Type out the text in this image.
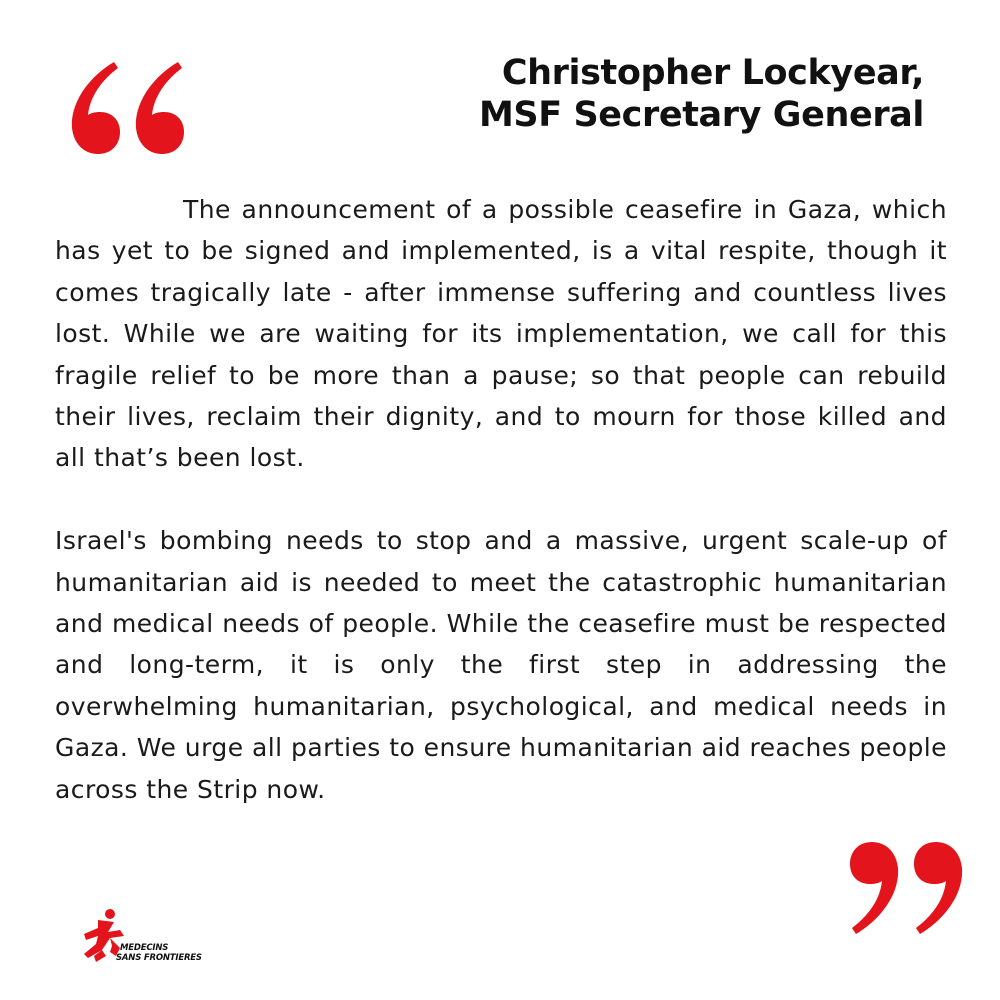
Christopher Lockyear,
MSF Secretary General

The announcement of a possible ceasefire in Gaza, which has yet to be signed and implemented, is a vital respite, though it comes tragically late - after immense suffering and countless lives lost. While we are waiting for its implementation, we call for this fragile relief to be more than a pause; so that people can rebuild their lives, reclaim their dignity, and to mourn for those killed and all that’s been lost.

Israel's bombing needs to stop and a massive, urgent scale-up of humanitarian aid is needed to meet the catastrophic humanitarian and medical needs of people. While the ceasefire must be respected and long-term, it is only the first step in addressing the overwhelming humanitarian, psychological, and medical needs in Gaza. We urge all parties to ensure humanitarian aid reaches people across the Strip now.

MEDECINS
SANS FRONTIERES
